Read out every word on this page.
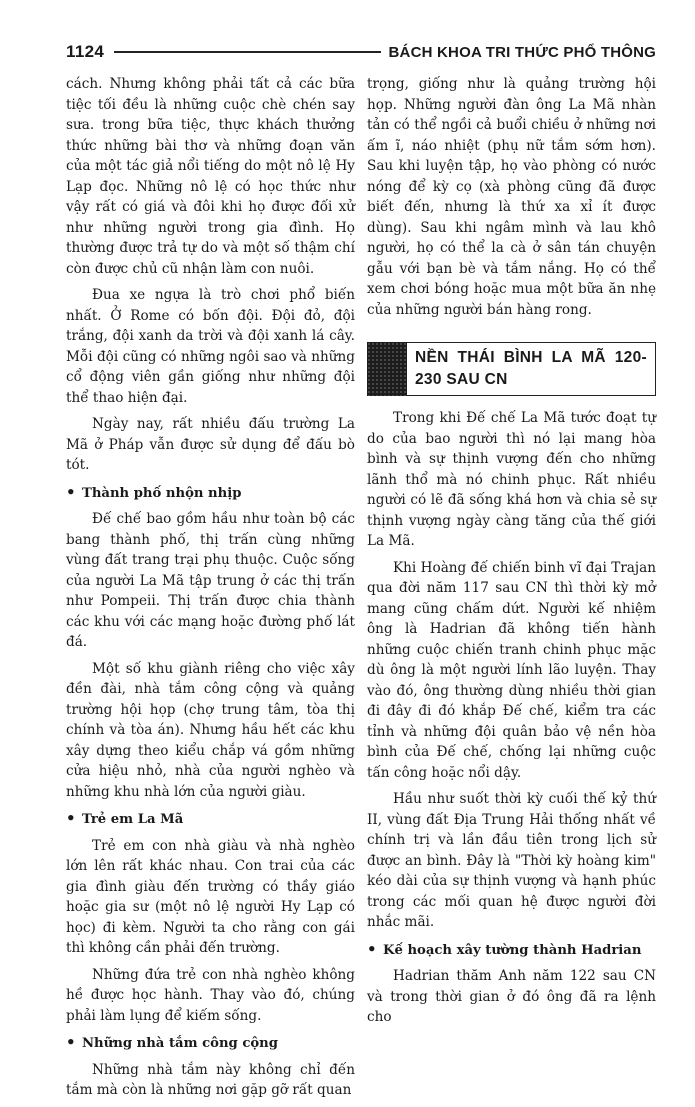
1124	BÁCH KHOA TRI THỨC PHỔ THÔNG

cách. Nhưng không phải tất cả các bữa tiệc tối đều là những cuộc chè chén say sưa. trong bữa tiệc, thực khách thưởng thức những bài thơ và những đoạn văn của một tác giả nổi tiếng do một nô lệ Hy Lạp đọc. Những nô lệ có học thức như vậy rất có giá và đôi khi họ được đối xử như những người trong gia đình. Họ thường được trả tự do và một số thậm chí còn được chủ cũ nhận làm con nuôi.

Đua xe ngựa là trò chơi phổ biến nhất. Ở Rome có bốn đội. Đội đỏ, đội trắng, đội xanh da trời và đội xanh lá cây. Mỗi đội cũng có những ngôi sao và những cổ động viên gần giống như những đội thể thao hiện đại.

Ngày nay, rất nhiều đấu trường La Mã ở Pháp vẫn được sử dụng để đấu bò tót.

• Thành phố nhộn nhịp

Đế chế bao gồm hầu như toàn bộ các bang thành phố, thị trấn cùng những vùng đất trang trại phụ thuộc. Cuộc sống của người La Mã tập trung ở các thị trấn như Pompeii. Thị trấn được chia thành các khu với các mạng hoặc đường phố lát đá.

Một số khu giành riêng cho việc xây đền đài, nhà tắm công cộng và quảng trường hội họp (chợ trung tâm, tòa thị chính và tòa án). Nhưng hầu hết các khu xây dựng theo kiểu chắp vá gồm những cửa hiệu nhỏ, nhà của người nghèo và những khu nhà lớn của người giàu.

• Trẻ em La Mã

Trẻ em con nhà giàu và nhà nghèo lớn lên rất khác nhau. Con trai của các gia đình giàu đến trường có thầy giáo hoặc gia sư (một nô lệ người Hy Lạp có học) đi kèm. Người ta cho rằng con gái thì không cần phải đến trường.

Những đứa trẻ con nhà nghèo không hề được học hành. Thay vào đó, chúng phải làm lụng để kiếm sống.

• Những nhà tắm công cộng

Những nhà tắm này không chỉ đến tắm mà còn là những nơi gặp gỡ rất quan

trọng, giống như là quảng trường hội họp. Những người đàn ông La Mã nhàn tản có thể ngồi cả buổi chiều ở những nơi ấm ĩ, náo nhiệt (phụ nữ tắm sớm hơn). Sau khi luyện tập, họ vào phòng có nước nóng để kỳ cọ (xà phòng cũng đã được biết đến, nhưng là thứ xa xỉ ít được dùng). Sau khi ngâm mình và lau khô người, họ có thể la cà ở sân tán chuyện gẫu với bạn bè và tắm nắng. Họ có thể xem chơi bóng hoặc mua một bữa ăn nhẹ của những người bán hàng rong.

NỀN THÁI BÌNH LA MÃ 120-230 SAU CN

Trong khi Đế chế La Mã tước đoạt tự do của bao người thì nó lại mang hòa bình và sự thịnh vượng đến cho những lãnh thổ mà nó chinh phục. Rất nhiều người có lẽ đã sống khá hơn và chia sẻ sự thịnh vượng ngày càng tăng của thế giới La Mã.

Khi Hoàng đế chiến binh vĩ đại Trajan qua đời năm 117 sau CN thì thời kỳ mở mang cũng chấm dứt. Người kế nhiệm ông là Hadrian đã không tiến hành những cuộc chiến tranh chinh phục mặc dù ông là một người lính lão luyện. Thay vào đó, ông thường dùng nhiều thời gian đi đây đi đó khắp Đế chế, kiểm tra các tỉnh và những đội quân bảo vệ nền hòa bình của Đế chế, chống lại những cuộc tấn công hoặc nổi dậy.

Hầu như suốt thời kỳ cuối thế kỷ thứ II, vùng đất Địa Trung Hải thống nhất về chính trị và lần đầu tiên trong lịch sử được an bình. Đây là "Thời kỳ hoàng kim" kéo dài của sự thịnh vượng và hạnh phúc trong các mối quan hệ được người đời nhắc mãi.

• Kế hoạch xây tường thành Hadrian

Hadrian thăm Anh năm 122 sau CN và trong thời gian ở đó ông đã ra lệnh cho
